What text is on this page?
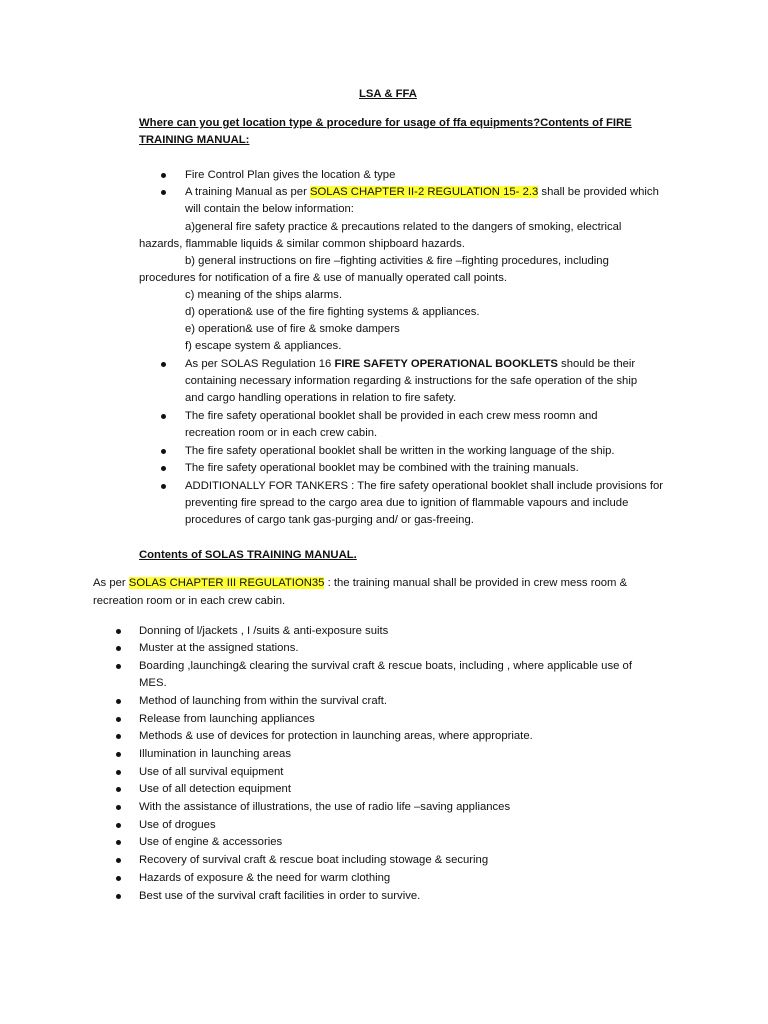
LSA & FFA
Where can you get location type & procedure for usage of ffa equipments?Contents of FIRE
TRAINING MANUAL:
Fire Control Plan gives the location & type
A training Manual as per SOLAS CHAPTER II-2 REGULATION 15- 2.3 shall be provided which
will contain the below information:
a)general fire safety practice & precautions related to the dangers of smoking, electrical
hazards, flammable liquids & similar common shipboard hazards.
b) general instructions on fire –fighting activities & fire –fighting procedures, including
procedures for notification of a fire & use of manually operated call points.
c) meaning of the ships alarms.
d) operation& use of the fire fighting systems & appliances.
e) operation& use of fire & smoke dampers
f) escape system & appliances.
As per SOLAS Regulation 16 FIRE SAFETY OPERATIONAL BOOKLETS should be their
containing necessary information regarding & instructions for the safe operation of the ship
and cargo handling operations in relation to fire safety.
The fire safety operational booklet shall be provided in each crew mess roomn and
recreation room or in each crew cabin.
The fire safety operational booklet shall be written in the working language of the ship.
The fire safety operational booklet may be combined with the training manuals.
ADDITIONALLY FOR TANKERS : The fire safety operational booklet shall include provisions for
preventing fire spread to the cargo area due to ignition of flammable vapours and include
procedures of cargo tank gas-purging and/ or gas-freeing.
Contents of SOLAS TRAINING MANUAL.
As per SOLAS CHAPTER III REGULATION35 : the training manual shall be provided in crew mess room &
recreation room or in each crew cabin.
Donning of l/jackets , I /suits & anti-exposure suits
Muster at the assigned stations.
Boarding ,launching& clearing the survival craft & rescue boats, including , where applicable use of
MES.
Method of launching from within the survival craft.
Release from launching appliances
Methods & use of devices for protection in launching areas, where appropriate.
Illumination in launching areas
Use of all survival equipment
Use of all detection equipment
With the assistance of illustrations, the use of radio life –saving appliances
Use of drogues
Use of engine & accessories
Recovery of survival craft & rescue boat including stowage & securing
Hazards of exposure & the need for warm clothing
Best use of the survival craft facilities in order to survive.
